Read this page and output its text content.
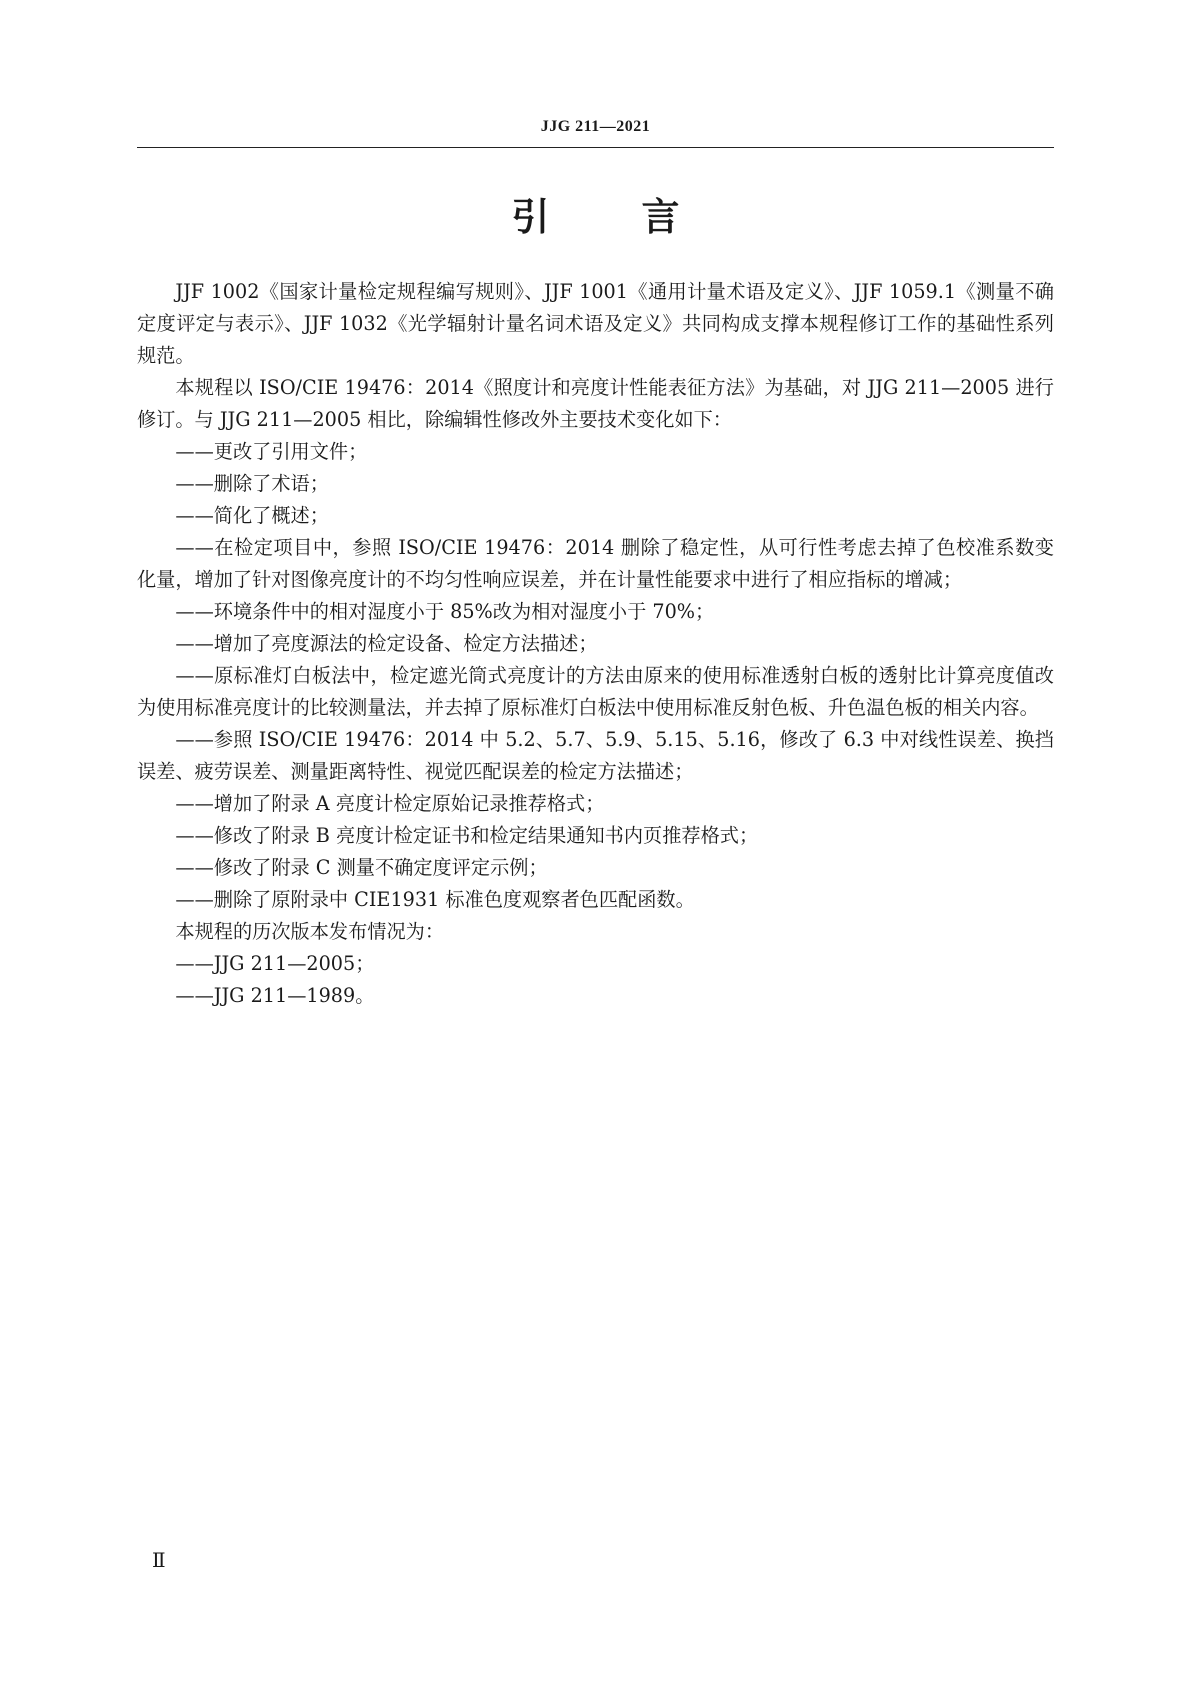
JJG 211—2021
引 言

JJF 1002《国家计量检定规程编写规则》、JJF 1001《通用计量术语及定义》、JJF 1059.1《测量不确定度评定与表示》、JJF 1032《光学辐射计量名词术语及定义》共同构成支撑本规程修订工作的基础性系列规范。

本规程以 ISO/CIE 19476：2014《照度计和亮度计性能表征方法》为基础，对 JJG 211—2005 进行修订。与 JJG 211—2005 相比，除编辑性修改外主要技术变化如下：

——更改了引用文件；

——删除了术语；

——简化了概述；

——在检定项目中，参照 ISO/CIE 19476：2014 删除了稳定性，从可行性考虑去掉了色校准系数变化量，增加了针对图像亮度计的不均匀性响应误差，并在计量性能要求中进行了相应指标的增减；

——环境条件中的相对湿度小于 85%改为相对湿度小于 70%；

——增加了亮度源法的检定设备、检定方法描述；

——原标准灯白板法中，检定遮光筒式亮度计的方法由原来的使用标准透射白板的透射比计算亮度值改为使用标准亮度计的比较测量法，并去掉了原标准灯白板法中使用标准反射色板、升色温色板的相关内容。

——参照 ISO/CIE 19476：2014 中 5.2、5.7、5.9、5.15、5.16，修改了 6.3 中对线性误差、换挡误差、疲劳误差、测量距离特性、视觉匹配误差的检定方法描述；

——增加了附录 A 亮度计检定原始记录推荐格式；

——修改了附录 B 亮度计检定证书和检定结果通知书内页推荐格式；

——修改了附录 C 测量不确定度评定示例；

——删除了原附录中 CIE1931 标准色度观察者色匹配函数。

本规程的历次版本发布情况为：

——JJG 211—2005；

——JJG 211—1989。

Ⅱ
